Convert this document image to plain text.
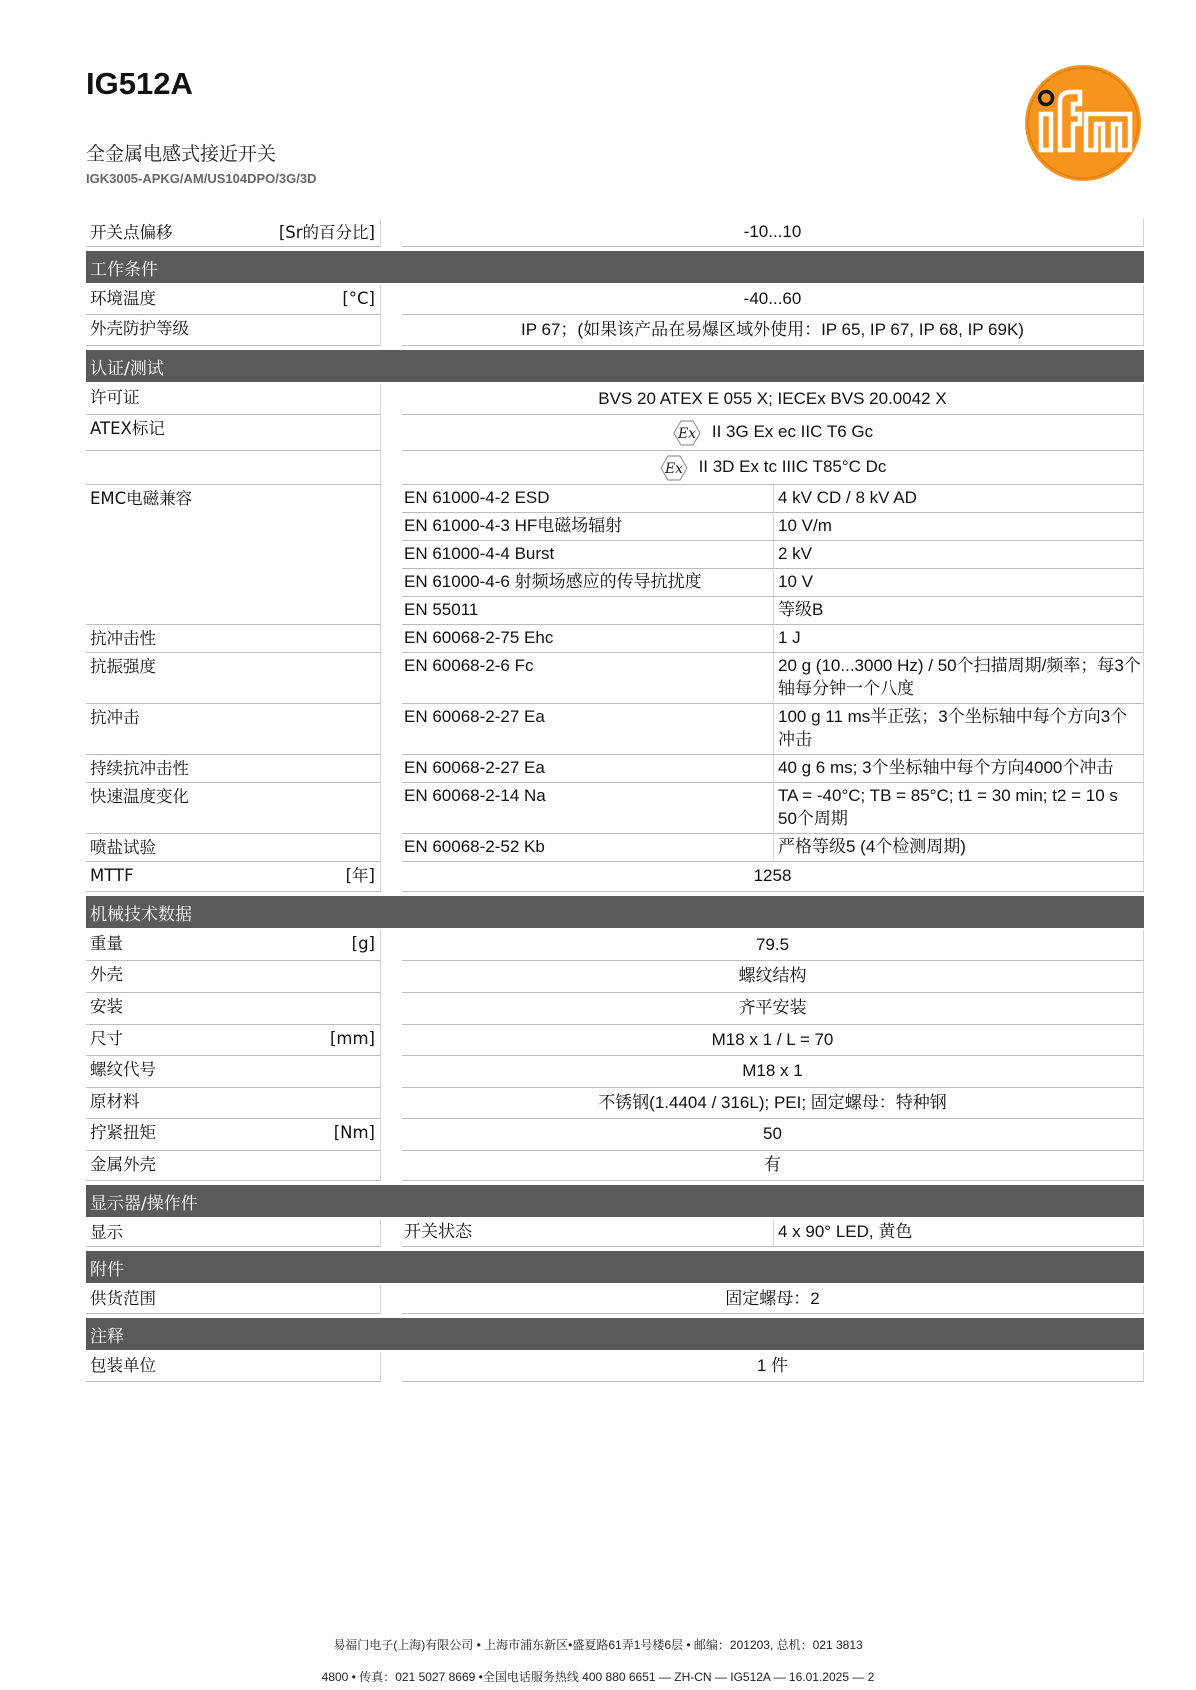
IG512A
全金属电感式接近开关
IGK3005-APKG/AM/US104DPO/3G/3D
开关点偏移	[Sr的百分比]	-10...10
工作条件
环境温度	[°C]	-40...60
外壳防护等级	IP 67；(如果该产品在易爆区域外使用：IP 65, IP 67, IP 68, IP 69K)
认证/测试
许可证	BVS 20 ATEX E 055 X; IECEx BVS 20.0042 X
ATEX标记	Ex II 3G Ex ec IIC T6 Gc
Ex II 3D Ex tc IIIC T85°C Dc
EMC电磁兼容	EN 61000-4-2 ESD	4 kV CD / 8 kV AD
EN 61000-4-3 HF电磁场辐射	10 V/m
EN 61000-4-4 Burst	2 kV
EN 61000-4-6 射频场感应的传导抗扰度	10 V
EN 55011	等级B
抗冲击性	EN 60068-2-75 Ehc	1 J
抗振强度	EN 60068-2-6 Fc	20 g (10...3000 Hz) / 50个扫描周期/频率；每3个轴每分钟一个八度
抗冲击	EN 60068-2-27 Ea	100 g 11 ms半正弦；3个坐标轴中每个方向3个冲击
持续抗冲击性	EN 60068-2-27 Ea	40 g 6 ms; 3个坐标轴中每个方向4000个冲击
快速温度变化	EN 60068-2-14 Na	TA = -40°C; TB = 85°C; t1 = 30 min; t2 = 10 s 50个周期
喷盐试验	EN 60068-2-52 Kb	严格等级5 (4个检测周期)
MTTF	[年]	1258
机械技术数据
重量	[g]	79.5
外壳	螺纹结构
安装	齐平安装
尺寸	[mm]	M18 x 1 / L = 70
螺纹代号	M18 x 1
原材料	不锈钢(1.4404 / 316L); PEI; 固定螺母：特种钢
拧紧扭矩	[Nm]	50
金属外壳	有
显示器/操作件
显示	开关状态	4 x 90° LED, 黄色
附件
供货范围	固定螺母：2
注释
包装单位	1 件
易福门电子(上海)有限公司 • 上海市浦东新区•盛夏路61弄1号楼6层 • 邮编：201203, 总机：021 3813
4800 • 传真：021 5027 8669 •全国电话服务热线 400 880 6651 — ZH-CN — IG512A — 16.01.2025 — 2
